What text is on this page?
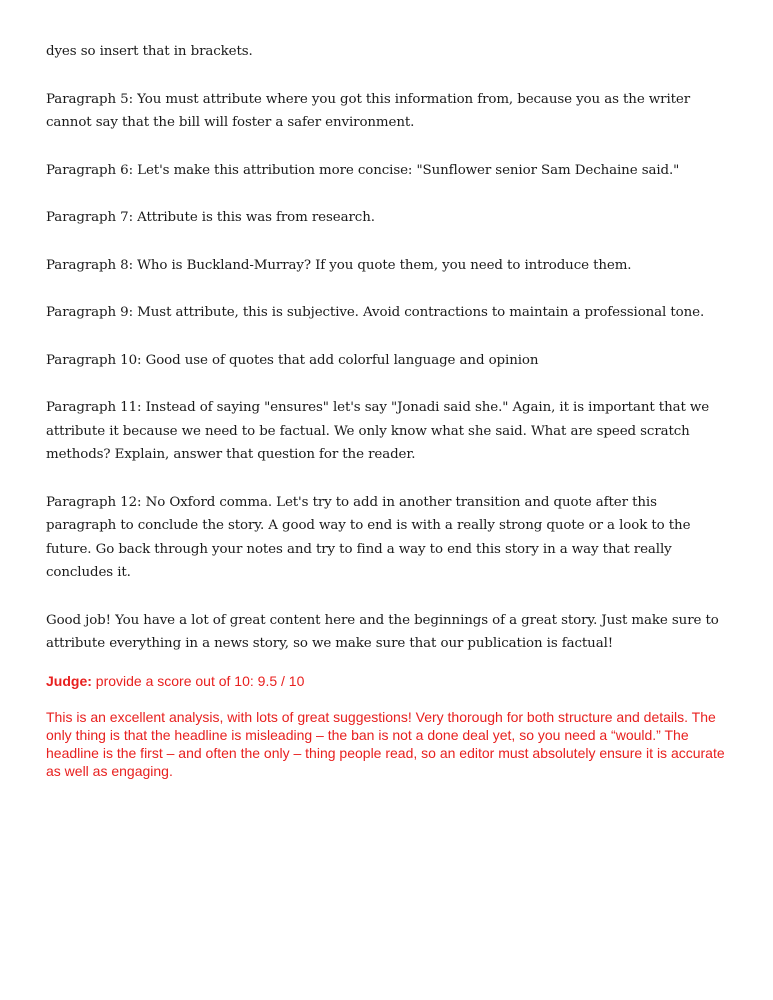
dyes so insert that in brackets.

Paragraph 5: You must attribute where you got this information from, because you as the writer cannot say that the bill will foster a safer environment.

Paragraph 6: Let's make this attribution more concise: "Sunflower senior Sam Dechaine said."

Paragraph 7: Attribute is this was from research.

Paragraph 8: Who is Buckland-Murray? If you quote them, you need to introduce them.

Paragraph 9: Must attribute, this is subjective. Avoid contractions to maintain a professional tone.

Paragraph 10: Good use of quotes that add colorful language and opinion

Paragraph 11: Instead of saying "ensures" let's say "Jonadi said she." Again, it is important that we attribute it because we need to be factual. We only know what she said. What are speed scratch methods? Explain, answer that question for the reader.

Paragraph 12: No Oxford comma. Let's try to add in another transition and quote after this paragraph to conclude the story. A good way to end is with a really strong quote or a look to the future. Go back through your notes and try to find a way to end this story in a way that really concludes it.

Good job! You have a lot of great content here and the beginnings of a great story. Just make sure to attribute everything in a news story, so we make sure that our publication is factual!

Judge: provide a score out of 10: 9.5 / 10

This is an excellent analysis, with lots of great suggestions! Very thorough for both structure and details. The only thing is that the headline is misleading – the ban is not a done deal yet, so you need a “would.” The headline is the first – and often the only – thing people read, so an editor must absolutely ensure it is accurate as well as engaging.
